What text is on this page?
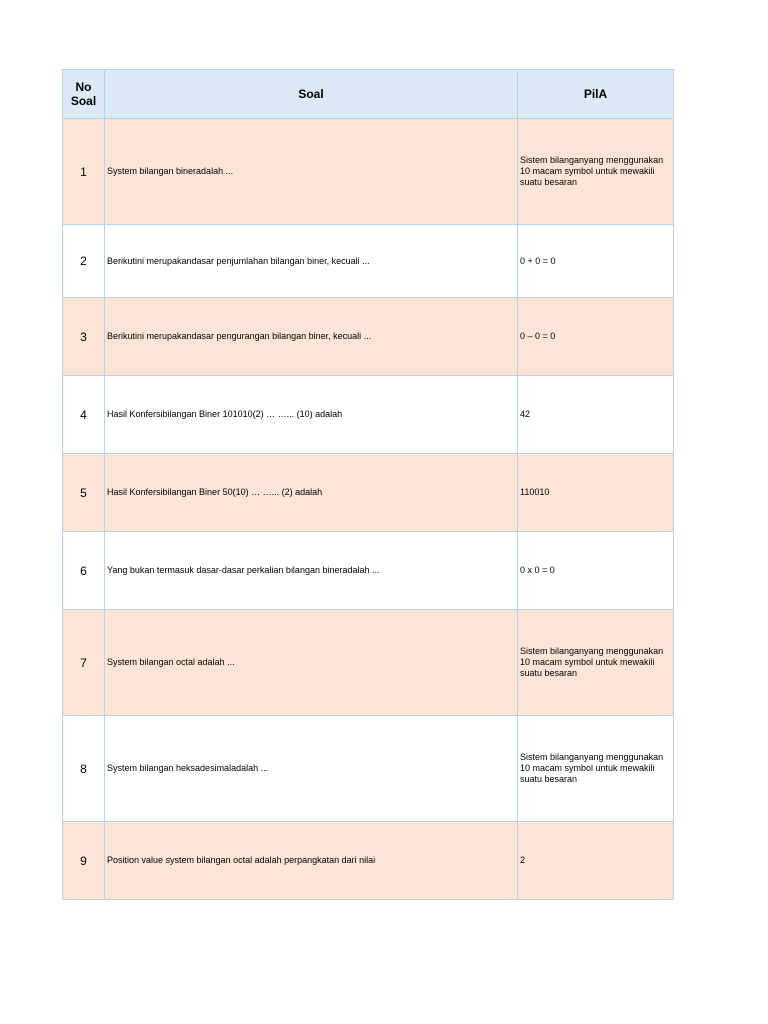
No Soal	Soal	PilA
1	System bilangan bineradalah ...	Sistem bilanganyang menggunakan 10 macam symbol untuk mewakili suatu besaran
2	Berikutini merupakandasar penjumlahan bilangan biner, kecuali ...	0 + 0 = 0
3	Berikutini merupakandasar pengurangan bilangan biner, kecuali ...	0 – 0 = 0
4	Hasil Konfersibilangan Biner 101010(2) … …... (10) adalah	42
5	Hasil Konfersibilangan Biner 50(10) … …... (2) adalah	110010
6	Yang bukan termasuk dasar-dasar perkalian bilangan bineradalah ...	0 x 0 = 0
7	System bilangan octal adalah ...	Sistem bilanganyang menggunakan 10 macam symbol untuk mewakili suatu besaran
8	System bilangan heksadesimaladalah ...	Sistem bilanganyang menggunakan 10 macam symbol untuk mewakili suatu besaran
9	Position value system bilangan octal adalah perpangkatan dari nilai	2
